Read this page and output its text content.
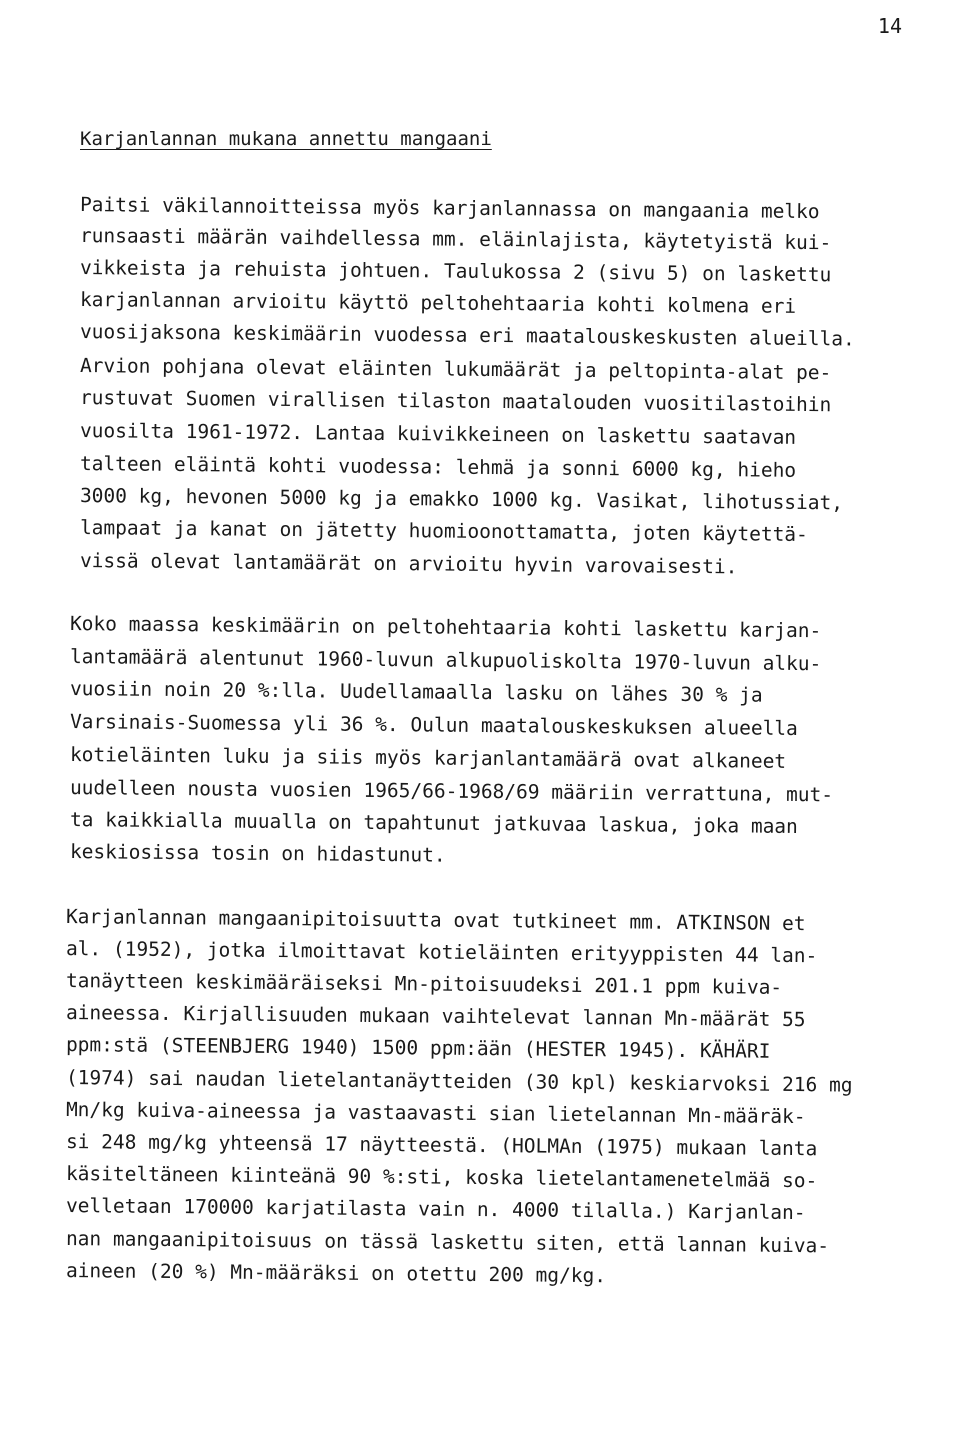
14
Karjanlannan mukana annettu mangaani
Paitsi väkilannoitteissa myös karjanlannassa on mangaania melko
runsaasti määrän vaihdellessa mm. eläinlajista, käytetyistä kui-
vikkeista ja rehuista johtuen. Taulukossa 2 (sivu 5) on laskettu
karjanlannan arvioitu käyttö peltohehtaaria kohti kolmena eri
vuosijaksona keskimäärin vuodessa eri maatalouskeskusten alueilla.
Arvion pohjana olevat eläinten lukumäärät ja peltopinta-alat pe-
rustuvat Suomen virallisen tilaston maatalouden vuositilastoihin
vuosilta 1961-1972. Lantaa kuivikkeineen on laskettu saatavan
talteen eläintä kohti vuodessa: lehmä ja sonni 6000 kg, hieho
3000 kg, hevonen 5000 kg ja emakko 1000 kg. Vasikat, lihotussiat,
lampaat ja kanat on jätetty huomioonottamatta, joten käytettä-
vissä olevat lantamäärät on arvioitu hyvin varovaisesti.
Koko maassa keskimäärin on peltohehtaaria kohti laskettu karjan-
lantamäärä alentunut 1960-luvun alkupuoliskolta 1970-luvun alku-
vuosiin noin 20 %:lla. Uudellamaalla lasku on lähes 30 % ja
Varsinais-Suomessa yli 36 %. Oulun maatalouskeskuksen alueella
kotieläinten luku ja siis myös karjanlantamäärä ovat alkaneet
uudelleen nousta vuosien 1965/66-1968/69 määriin verrattuna, mut-
ta kaikkialla muualla on tapahtunut jatkuvaa laskua, joka maan
keskiosissa tosin on hidastunut.
Karjanlannan mangaanipitoisuutta ovat tutkineet mm. ATKINSON et
al. (1952), jotka ilmoittavat kotieläinten erityyppisten 44 lan-
tanäytteen keskimääräiseksi Mn-pitoisuudeksi 201.1 ppm kuiva-
aineessa. Kirjallisuuden mukaan vaihtelevat lannan Mn-määrät 55
ppm:stä (STEENBJERG 1940) 1500 ppm:ään (HESTER 1945). KÄHÄRI
(1974) sai naudan lietelantanäytteiden (30 kpl) keskiarvoksi 216 mg
Mn/kg kuiva-aineessa ja vastaavasti sian lietelannan Mn-määräk-
si 248 mg/kg yhteensä 17 näytteestä. (HOLMAn (1975) mukaan lanta
käsiteltäneen kiinteänä 90 %:sti, koska lietelantamenetelmää so-
velletaan 170000 karjatilasta vain n. 4000 tilalla.) Karjanlan-
nan mangaanipitoisuus on tässä laskettu siten, että lannan kuiva-
aineen (20 %) Mn-määräksi on otettu 200 mg/kg.
